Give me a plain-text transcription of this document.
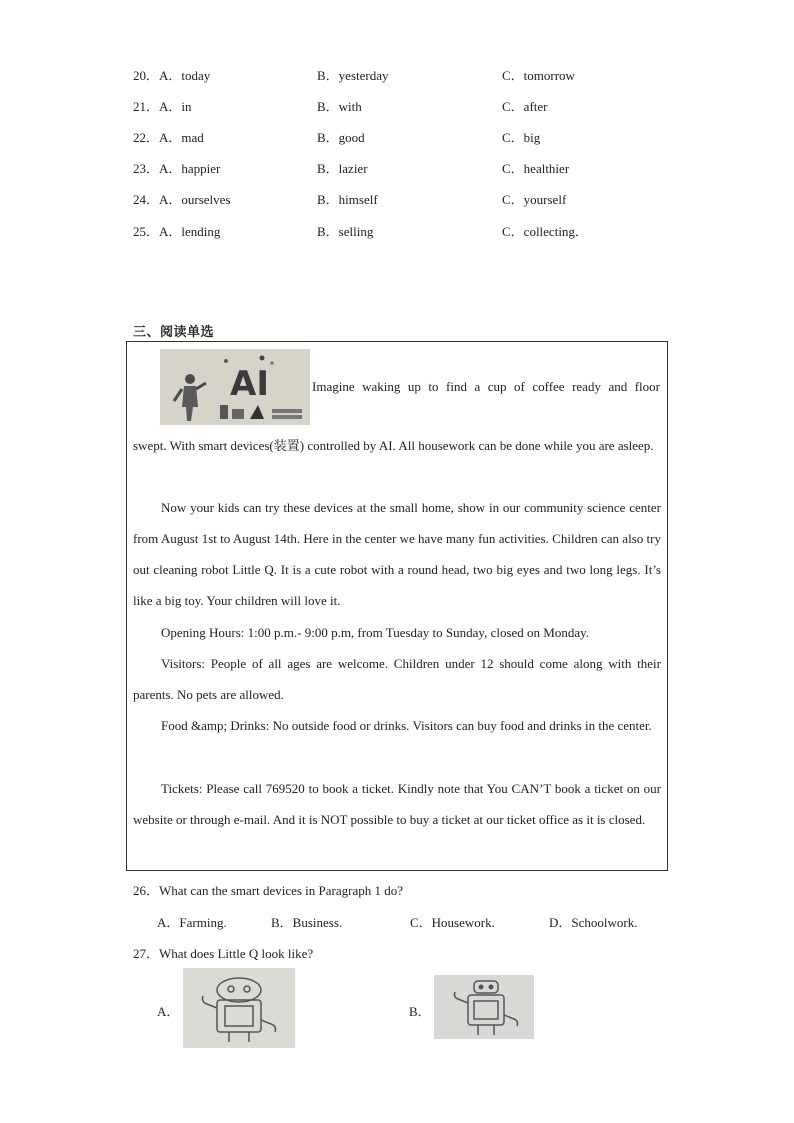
20．A．today	B．yesterday	C．tomorrow
21．A．in	B．with	C．after
22．A．mad	B．good	C．big
23．A．happier	B．lazier	C．healthier
24．A．ourselves	B．himself	C．yourself
25．A．lending	B．selling	C．collecting．
三、阅读单选
AI	Imagine waking up to find a cup of coffee ready and floor
swept. With smart devices(装置) controlled by AI. All housework can be done while you are asleep.
Now your kids can try these devices at the small home, show in our community science center from August 1st to August 14th. Here in the center we have many fun activities. Children can also try out cleaning robot Little Q. It is a cute robot with a round head, two big eyes and two long legs. It’s like a big toy. Your children will love it.
Opening Hours: 1:00 p.m.- 9:00 p.m, from Tuesday to Sunday, closed on Monday.
Visitors: People of all ages are welcome. Children under 12 should come along with their parents. No pets are allowed.
Food &amp; Drinks: No outside food or drinks. Visitors can buy food and drinks in the center.
Tickets: Please call 769520 to book a ticket. Kindly note that You CAN’T book a ticket on our website or through e-mail. And it is NOT possible to buy a ticket at our ticket office as it is closed.
26．What can the smart devices in Paragraph 1 do?
A．Farming.	B．Business.	C．Housework.	D．Schoolwork.
27．What does Little Q look like?
A．	B．
